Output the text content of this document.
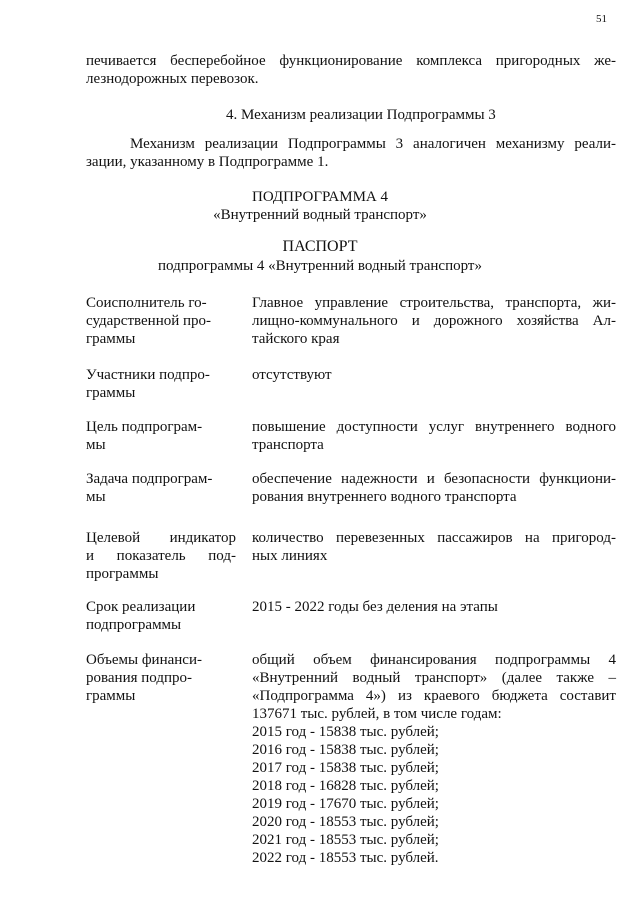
51
печивается бесперебойное функционирование комплекса пригородных же-
лезнодорожных перевозок.
4. Механизм реализации Подпрограммы 3
Механизм реализации Подпрограммы 3 аналогичен механизму реали-
зации, указанному в Подпрограмме 1.
ПОДПРОГРАММА 4
«Внутренний водный транспорт»
ПАСПОРТ
подпрограммы 4 «Внутренний водный транспорт»
Соисполнитель го-
сударственной про-
граммы
Главное управление строительства, транспорта, жи-
лищно-коммунального и дорожного хозяйства Ал-
тайского края
Участники подпро-
граммы
отсутствуют
Цель подпрограм-
мы
повышение доступности услуг внутреннего водного
транспорта
Задача подпрограм-
мы
обеспечение надежности и безопасности функциони-
рования внутреннего водного транспорта
Целевой индикатор
и показатель под-
программы
количество перевезенных пассажиров на пригород-
ных линиях
Срок реализации
подпрограммы
2015 - 2022 годы без деления на этапы
Объемы финанси-
рования подпро-
граммы
общий объем финансирования подпрограммы 4
«Внутренний водный транспорт» (далее также –
«Подпрограмма 4») из краевого бюджета составит
137671 тыс. рублей, в том числе годам:
2015 год - 15838 тыс. рублей;
2016 год - 15838 тыс. рублей;
2017 год - 15838 тыс. рублей;
2018 год - 16828 тыс. рублей;
2019 год - 17670 тыс. рублей;
2020 год - 18553 тыс. рублей;
2021 год - 18553 тыс. рублей;
2022 год - 18553 тыс. рублей.
